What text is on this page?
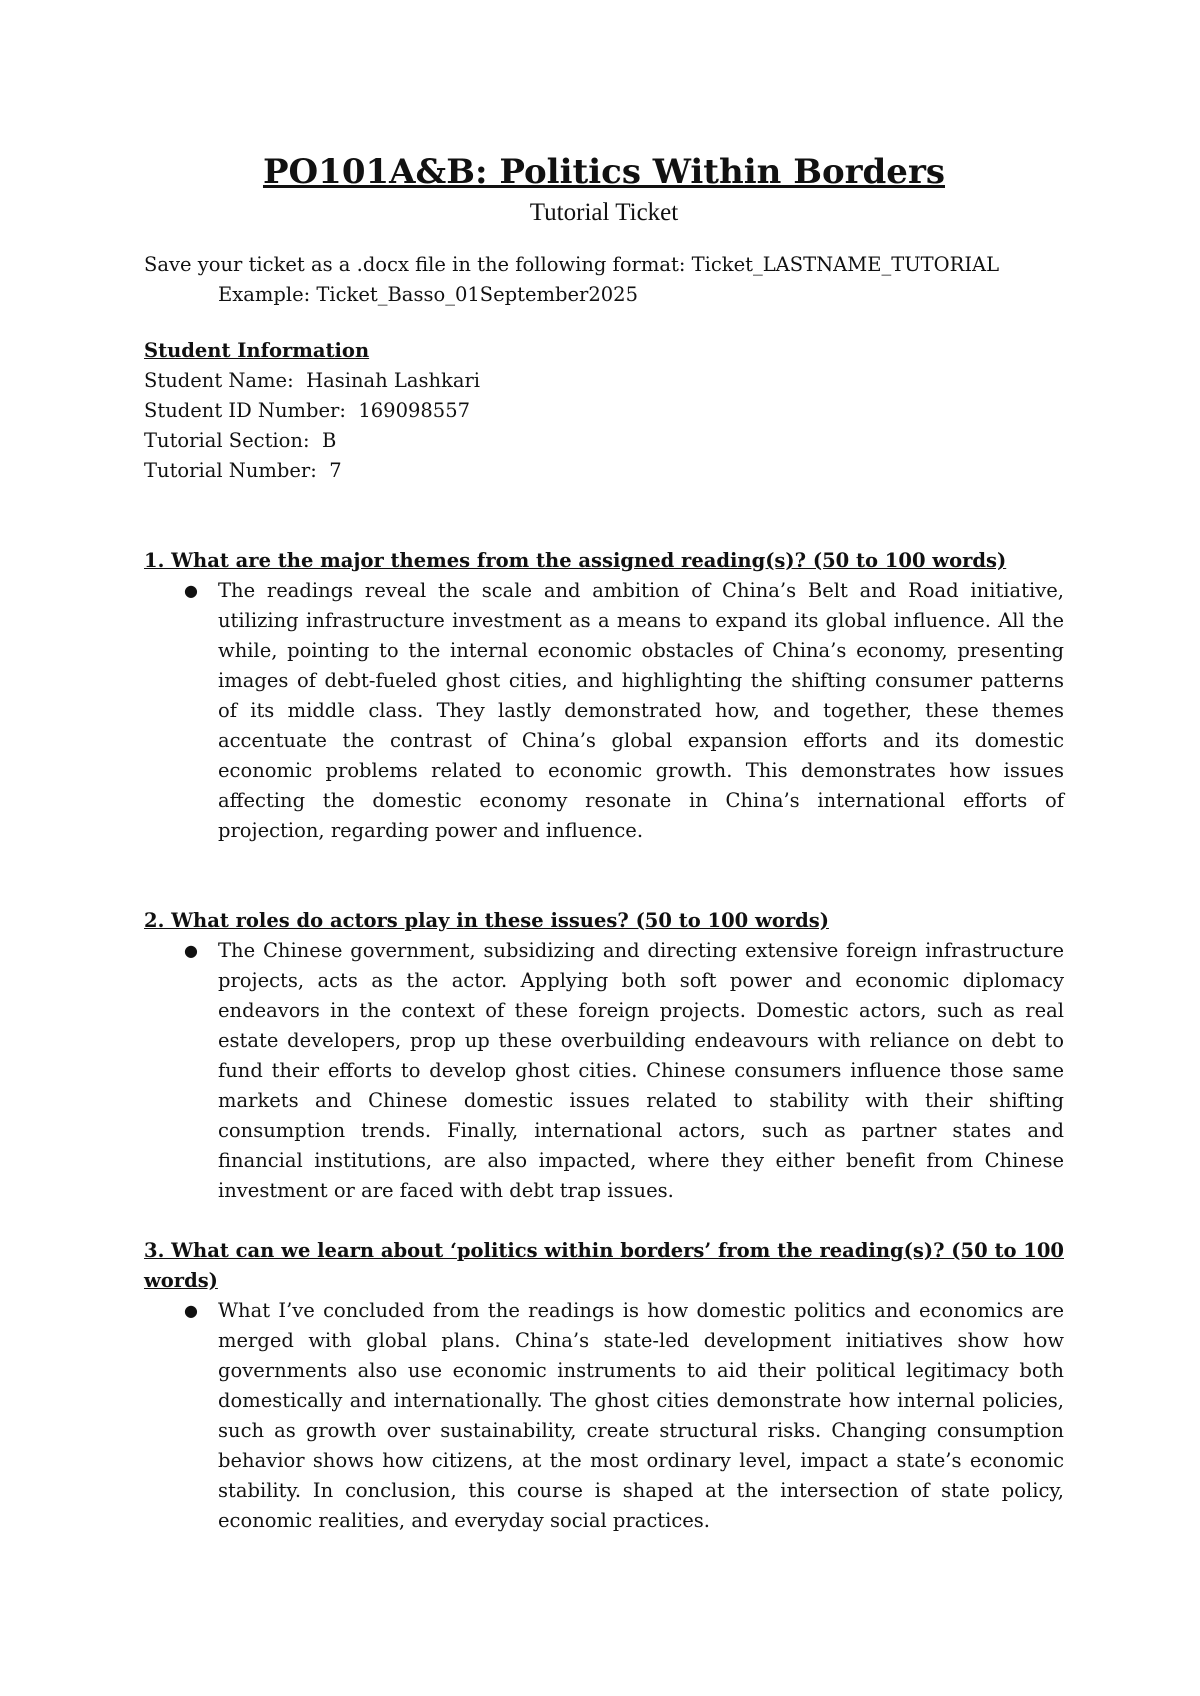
PO101A&B: Politics Within Borders

Tutorial Ticket

Save your ticket as a .docx file in the following format: Ticket_LASTNAME_TUTORIAL

Example: Ticket_Basso_01September2025

Student Information

Student Name: Hasinah Lashkari

Student ID Number: 169098557

Tutorial Section: B

Tutorial Number: 7

1. What are the major themes from the assigned reading(s)? (50 to 100 words)

● The readings reveal the scale and ambition of China’s Belt and Road initiative, utilizing infrastructure investment as a means to expand its global influence. All the while, pointing to the internal economic obstacles of China’s economy, presenting images of debt-fueled ghost cities, and highlighting the shifting consumer patterns of its middle class. They lastly demonstrated how, and together, these themes accentuate the contrast of China’s global expansion efforts and its domestic economic problems related to economic growth. This demonstrates how issues affecting the domestic economy resonate in China’s international efforts of projection, regarding power and influence.

2. What roles do actors play in these issues? (50 to 100 words)

● The Chinese government, subsidizing and directing extensive foreign infrastructure projects, acts as the actor. Applying both soft power and economic diplomacy endeavors in the context of these foreign projects. Domestic actors, such as real estate developers, prop up these overbuilding endeavours with reliance on debt to fund their efforts to develop ghost cities. Chinese consumers influence those same markets and Chinese domestic issues related to stability with their shifting consumption trends. Finally, international actors, such as partner states and financial institutions, are also impacted, where they either benefit from Chinese investment or are faced with debt trap issues.

3. What can we learn about ‘politics within borders’ from the reading(s)? (50 to 100 words)

● What I’ve concluded from the readings is how domestic politics and economics are merged with global plans. China’s state-led development initiatives show how governments also use economic instruments to aid their political legitimacy both domestically and internationally. The ghost cities demonstrate how internal policies, such as growth over sustainability, create structural risks. Changing consumption behavior shows how citizens, at the most ordinary level, impact a state’s economic stability. In conclusion, this course is shaped at the intersection of state policy, economic realities, and everyday social practices.
